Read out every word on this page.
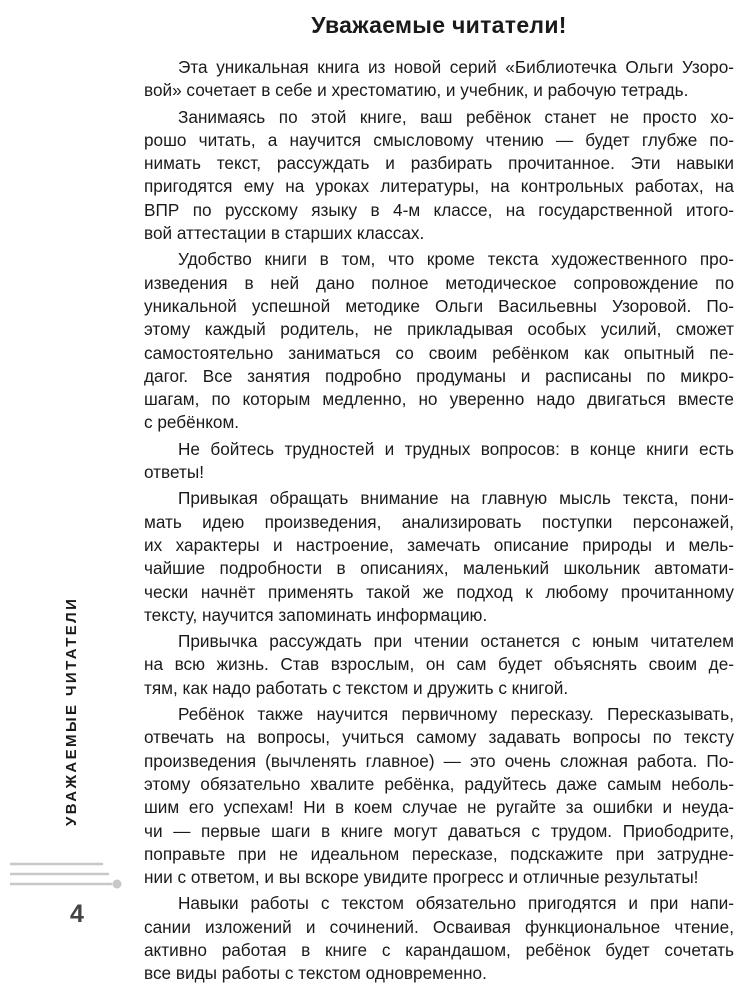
Уважаемые читатели!

Эта уникальная книга из новой серий «Библиотечка Ольги Узоро-
вой» сочетает в себе и хрестоматию, и учебник, и рабочую тетрадь.

Занимаясь по этой книге, ваш ребёнок станет не просто хо-
рошо читать, а научится смысловому чтению — будет глубже по-
нимать текст, рассуждать и разбирать прочитанное. Эти навыки
пригодятся ему на уроках литературы, на контрольных работах, на
ВПР по русскому языку в 4-м классе, на государственной итого-
вой аттестации в старших классах.

Удобство книги в том, что кроме текста художественного про-
изведения в ней дано полное методическое сопровождение по
уникальной успешной методике Ольги Васильевны Узоровой. По-
этому каждый родитель, не прикладывая особых усилий, сможет
самостоятельно заниматься со своим ребёнком как опытный пе-
дагог. Все занятия подробно продуманы и расписаны по микро-
шагам, по которым медленно, но уверенно надо двигаться вместе
с ребёнком.

Не бойтесь трудностей и трудных вопросов: в конце книги есть
ответы!

Привыкая обращать внимание на главную мысль текста, пони-
мать идею произведения, анализировать поступки персонажей,
их характеры и настроение, замечать описание природы и мель-
чайшие подробности в описаниях, маленький школьник автомати-
чески начнёт применять такой же подход к любому прочитанному
тексту, научится запоминать информацию.

Привычка рассуждать при чтении останется с юным читателем
на всю жизнь. Став взрослым, он сам будет объяснять своим де-
тям, как надо работать с текстом и дружить с книгой.

Ребёнок также научится первичному пересказу. Пересказывать,
отвечать на вопросы, учиться самому задавать вопросы по тексту
произведения (вычленять главное) — это очень сложная работа. По-
этому обязательно хвалите ребёнка, радуйтесь даже самым неболь-
шим его успехам! Ни в коем случае не ругайте за ошибки и неуда-
чи — первые шаги в книге могут даваться с трудом. Приободрите,
поправьте при не идеальном пересказе, подскажите при затрудне-
нии с ответом, и вы вскоре увидите прогресс и отличные результаты!

Навыки работы с текстом обязательно пригодятся и при напи-
сании изложений и сочинений. Осваивая функциональное чтение,
активно работая в книге с карандашом, ребёнок будет сочетать
все виды работы с текстом одновременно.

УВАЖАЕМЫЕ ЧИТАТЕЛИ
4
